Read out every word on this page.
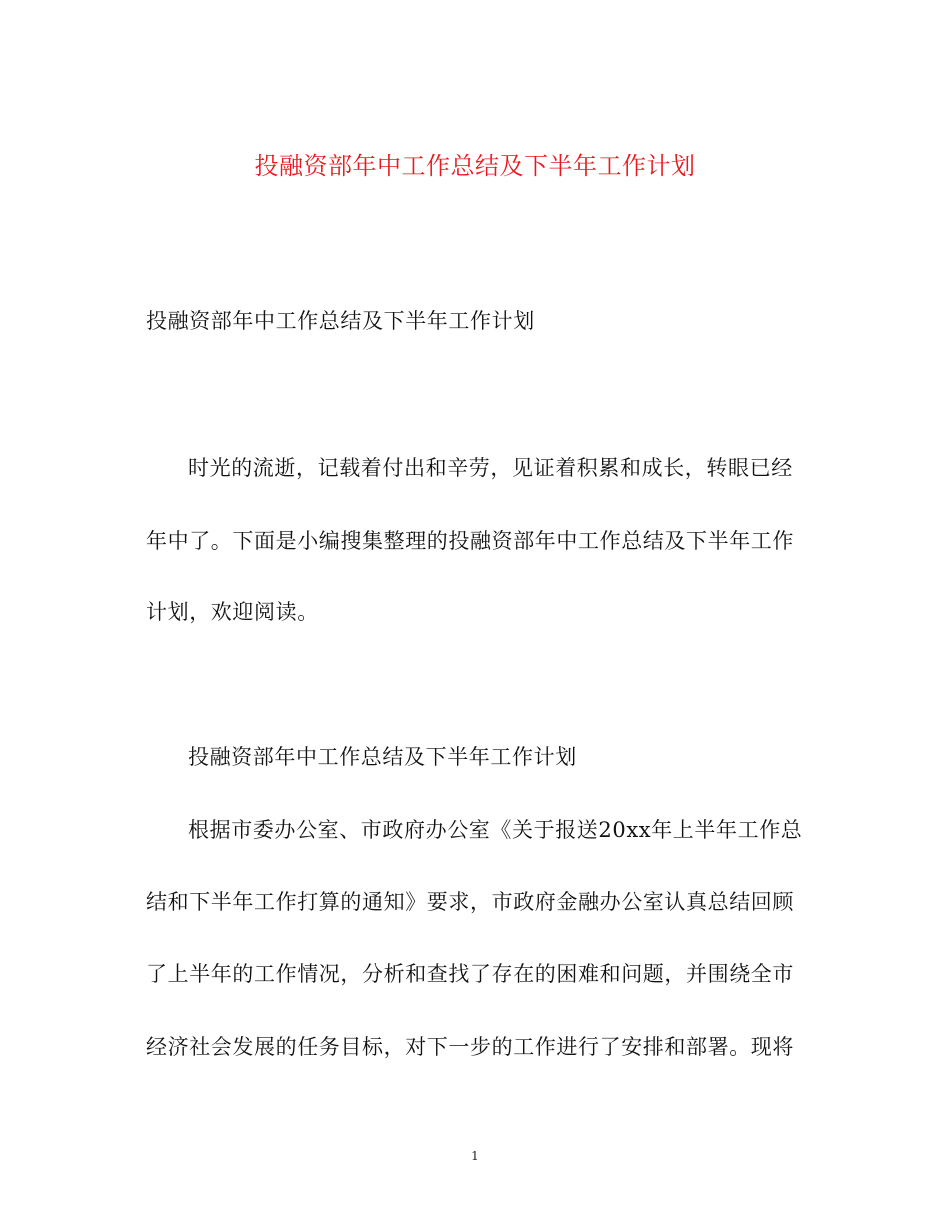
投融资部年中工作总结及下半年工作计划
投融资部年中工作总结及下半年工作计划
时光的流逝，记载着付出和辛劳，见证着积累和成长，转眼已经
年中了。下面是小编搜集整理的投融资部年中工作总结及下半年工作
计划，欢迎阅读。
投融资部年中工作总结及下半年工作计划
根据市委办公室、市政府办公室《关于报送20xx年上半年工作总
结和下半年工作打算的通知》要求，市政府金融办公室认真总结回顾
了上半年的工作情况，分析和查找了存在的困难和问题，并围绕全市
经济社会发展的任务目标，对下一步的工作进行了安排和部署。现将
1
